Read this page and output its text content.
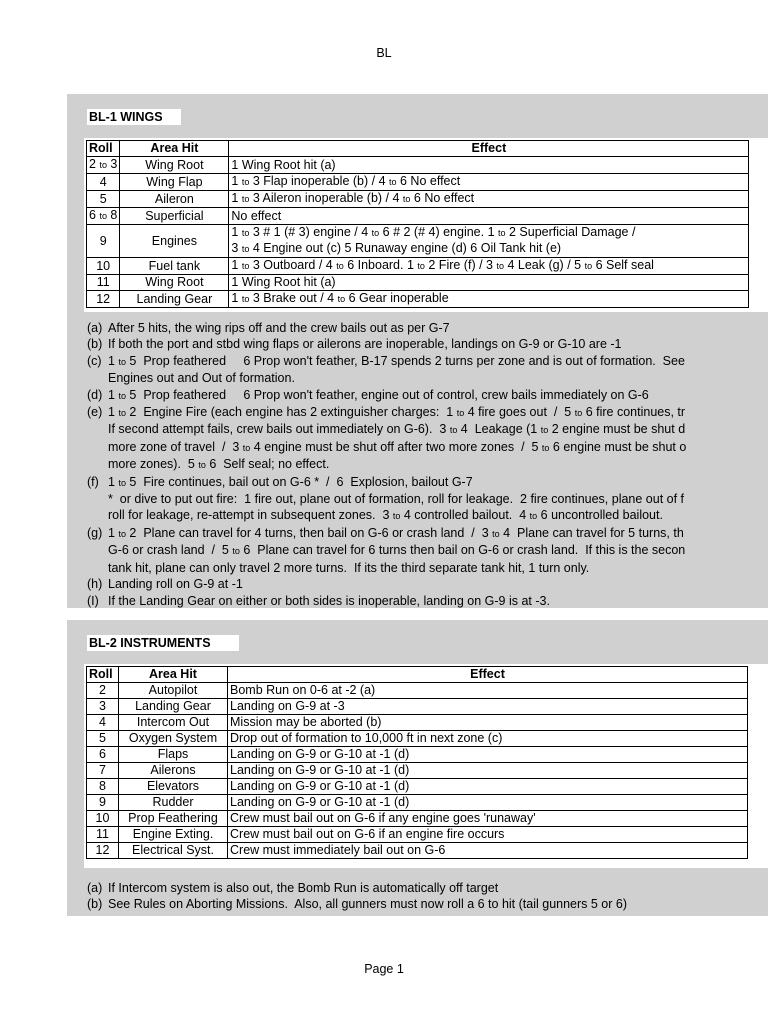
BL
BL-1 WINGS
Roll	Area Hit	Effect
2 to 3	Wing Root	1 Wing Root hit (a)
4	Wing Flap	1 to 3 Flap inoperable (b) / 4 to 6 No effect
5	Aileron	1 to 3 Aileron inoperable (b) / 4 to 6 No effect
6 to 8	Superficial	No effect
9	Engines	1 to 3 # 1 (# 3) engine / 4 to 6 # 2 (# 4) engine. 1 to 2 Superficial Damage /
3 to 4 Engine out (c) 5 Runaway engine (d) 6 Oil Tank hit (e)

10	Fuel tank	1 to 3 Outboard / 4 to 6 Inboard. 1 to 2 Fire (f) / 3 to 4 Leak (g) / 5 to 6 Self seal
11	Wing Root	1 Wing Root hit (a)
12	Landing Gear	1 to 3 Brake out / 4 to 6 Gear inoperable
(a) After 5 hits, the wing rips off and the crew bails out as per G-7
(b) If both the port and stbd wing flaps or ailerons are inoperable, landings on G-9 or G-10 are -1
(c) 1 to 5  Prop feathered     6 Prop won't feather, B-17 spends 2 turns per zone and is out of formation.  See
Engines out and Out of formation.
(d) 1 to 5  Prop feathered     6 Prop won't feather, engine out of control, crew bails immediately on G-6
(e) 1 to 2  Engine Fire (each engine has 2 extinguisher charges:  1 to 4 fire goes out  /  5 to 6 fire continues, tr
If second attempt fails, crew bails out immediately on G-6).  3 to 4  Leakage (1 to 2 engine must be shut d
more zone of travel  /  3 to 4 engine must be shut off after two more zones  /  5 to 6 engine must be shut o
more zones).  5 to 6  Self seal; no effect.
(f) 1 to 5  Fire continues, bail out on G-6 *  /  6  Explosion, bailout G-7
*  or dive to put out fire:  1 fire out, plane out of formation, roll for leakage.  2 fire continues, plane out of f
roll for leakage, re-attempt in subsequent zones.  3 to 4 controlled bailout.  4 to 6 uncontrolled bailout.
(g) 1 to 2  Plane can travel for 4 turns, then bail on G-6 or crash land  /  3 to 4  Plane can travel for 5 turns, th
G-6 or crash land  /  5 to 6  Plane can travel for 6 turns then bail on G-6 or crash land.  If this is the secon
tank hit, plane can only travel 2 more turns.  If its the third separate tank hit, 1 turn only.
(h) Landing roll on G-9 at -1
(I) If the Landing Gear on either or both sides is inoperable, landing on G-9 is at -3.
BL-2 INSTRUMENTS
Roll	Area Hit	Effect
2	Autopilot	Bomb Run on 0-6 at -2 (a)
3	Landing Gear	Landing on G-9 at -3
4	Intercom Out	Mission may be aborted (b)
5	Oxygen System	Drop out of formation to 10,000 ft in next zone (c)
6	Flaps	Landing on G-9 or G-10 at -1 (d)
7	Ailerons	Landing on G-9 or G-10 at -1 (d)
8	Elevators	Landing on G-9 or G-10 at -1 (d)
9	Rudder	Landing on G-9 or G-10 at -1 (d)
10	Prop Feathering	Crew must bail out on G-6 if any engine goes 'runaway'
11	Engine Exting.	Crew must bail out on G-6 if an engine fire occurs
12	Electrical Syst.	Crew must immediately bail out on G-6
(a) If Intercom system is also out, the Bomb Run is automatically off target
(b) See Rules on Aborting Missions.  Also, all gunners must now roll a 6 to hit (tail gunners 5 or 6)
Page 1
